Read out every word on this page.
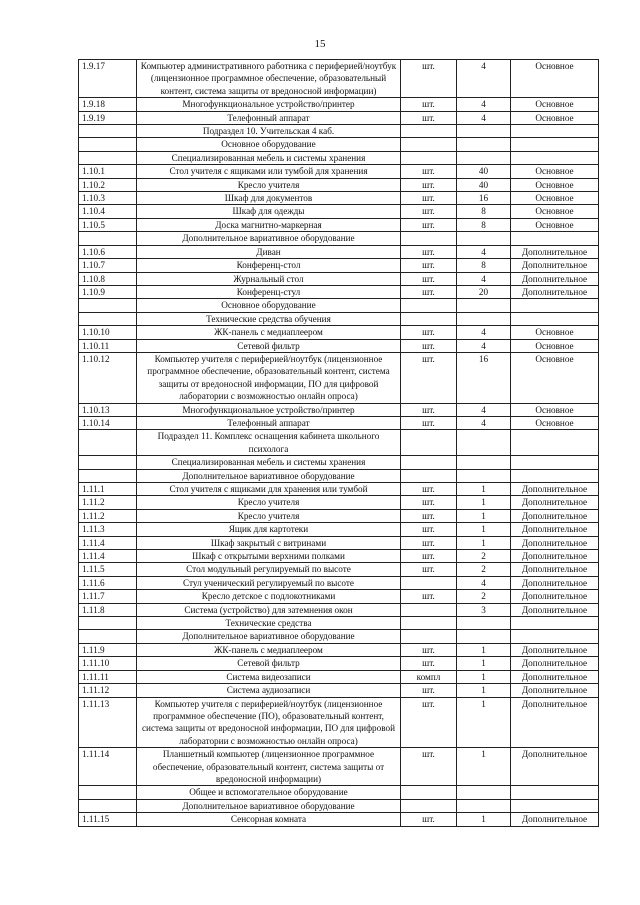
15
1.9.17	Компьютер административного работника с периферией/ноутбук (лицензионное программное обеспечение, образовательный контент, система защиты от вредоносной информации)	шт.	4	Основное
1.9.18	Многофункциональное устройство/принтер	шт.	4	Основное
1.9.19	Телефонный аппарат	шт.	4	Основное
	Подраздел 10. Учительская 4 каб.			
	Основное оборудование			
	Специализированная мебель и системы хранения			
1.10.1	Стол учителя с ящиками или тумбой для хранения	шт.	40	Основное
1.10.2	Кресло учителя	шт.	40	Основное
1.10.3	Шкаф для документов	шт.	16	Основное
1.10.4	Шкаф для одежды	шт.	8	Основное
1.10.5	Доска магнитно-маркерная	шт.	8	Основное
	Дополнительное вариативное оборудование			
1.10.6	Диван	шт.	4	Дополнительное
1.10.7	Конференц-стол	шт.	8	Дополнительное
1.10.8	Журнальный стол	шт.	4	Дополнительное
1.10.9	Конференц-стул	шт.	20	Дополнительное
	Основное оборудование			
	Технические средства обучения			
1.10.10	ЖК-панель с медиаплеером	шт.	4	Основное
1.10.11	Сетевой фильтр	шт.	4	Основное
1.10.12	Компьютер учителя с периферией/ноутбук (лицензионное программное обеспечение, образовательный контент, система защиты от вредоносной информации, ПО для цифровой лаборатории с возможностью онлайн опроса)	шт.	16	Основное
1.10.13	Многофункциональное устройство/принтер	шт.	4	Основное
1.10.14	Телефонный аппарат	шт.	4	Основное
	Подраздел 11. Комплекс оснащения кабинета школьного психолога			
	Специализированная мебель и системы хранения			
	Дополнительное вариативное оборудование			
1.11.1	Стол учителя с ящиками для хранения или тумбой	шт.	1	Дополнительное
1.11.2	Кресло учителя	шт.	1	Дополнительное
1.11.2	Кресло учителя	шт.	1	Дополнительное
1.11.3	Ящик для картотеки	шт.	1	Дополнительное
1.11.4	Шкаф закрытый с витринами	шт.	1	Дополнительное
1.11.4	Шкаф с открытыми верхними полками	шт.	2	Дополнительное
1.11.5	Стол модульный регулируемый по высоте	шт.	2	Дополнительное
1.11.6	Стул ученический регулируемый по высоте		4	Дополнительное
1.11.7	Кресло детское с подлокотниками	шт.	2	Дополнительное
1.11.8	Система (устройство) для затемнения окон		3	Дополнительное
	Технические средства			
	Дополнительное вариативное оборудование			
1.11.9	ЖК-панель с медиаплеером	шт.	1	Дополнительное
1.11.10	Сетевой фильтр	шт.	1	Дополнительное
1.11.11	Система видеозаписи	компл	1	Дополнительное
1.11.12	Система аудиозаписи	шт.	1	Дополнительное
1.11.13	Компьютер учителя с периферией/ноутбук (лицензионное программное обеспечение (ПО), образовательный контент, система защиты от вредоносной информации, ПО для цифровой лаборатории с возможностью онлайн опроса)	шт.	1	Дополнительное
1.11.14	Планшетный компьютер (лицензионное программное обеспечение, образовательный контент, система защиты от вредоносной информации)	шт.	1	Дополнительное
	Общее и вспомогательное оборудование			
	Дополнительное вариативное оборудование			
1.11.15	Сенсорная комната	шт.	1	Дополнительное
